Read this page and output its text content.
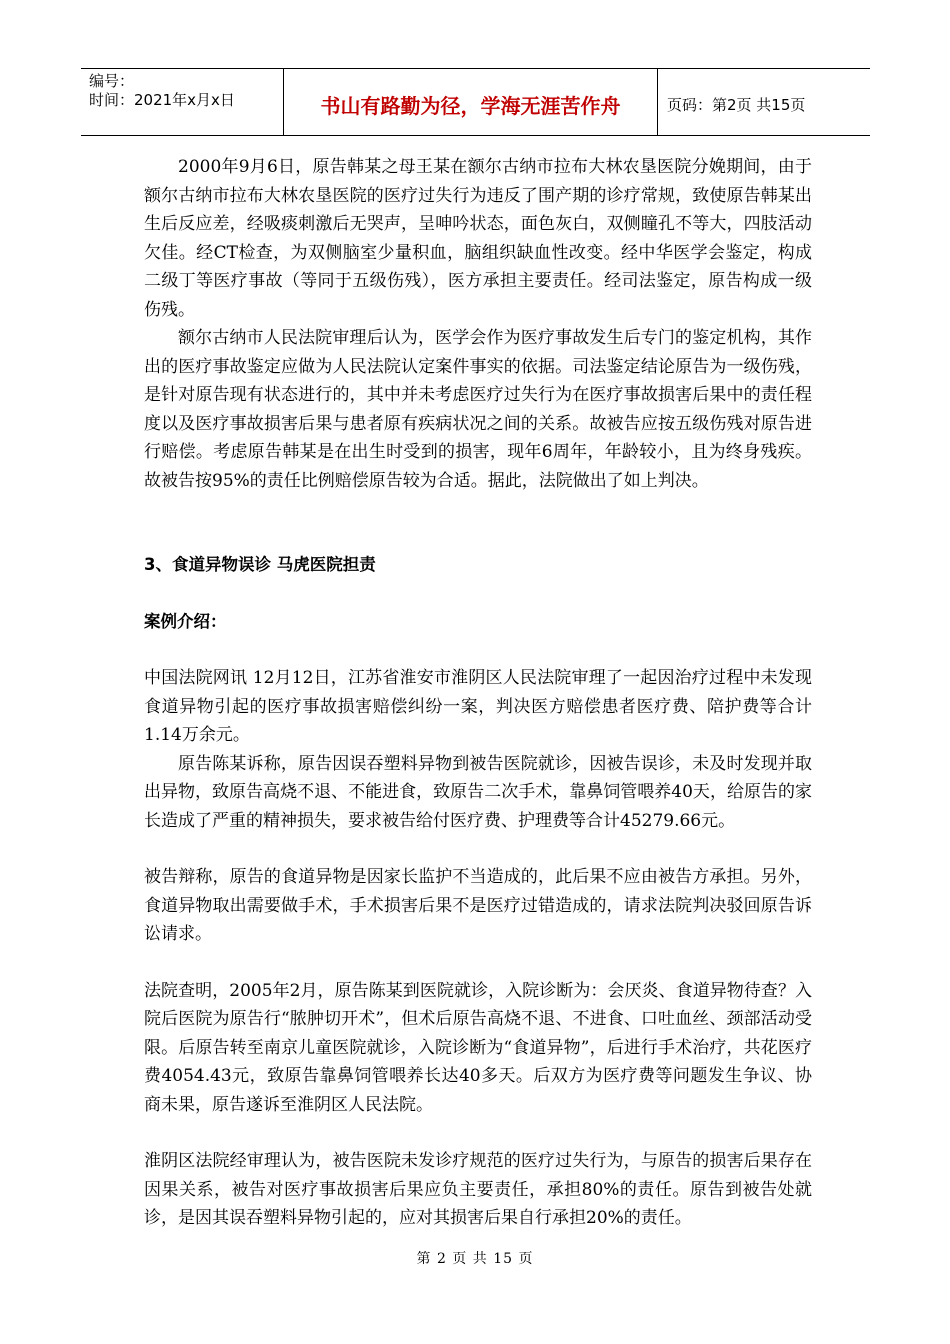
编号：
时间：2021年x月x日	书山有路勤为径，学海无涯苦作舟	页码：第2页 共15页

2000年9月6日，原告韩某之母王某在额尔古纳市拉布大林农垦医院分娩期间，由于额尔古纳市拉布大林农垦医院的医疗过失行为违反了围产期的诊疗常规，致使原告韩某出生后反应差，经吸痰刺激后无哭声，呈呻吟状态，面色灰白，双侧瞳孔不等大，四肢活动欠佳。经CT检查，为双侧脑室少量积血，脑组织缺血性改变。经中华医学会鉴定，构成二级丁等医疗事故（等同于五级伤残），医方承担主要责任。经司法鉴定，原告构成一级伤残。

额尔古纳市人民法院审理后认为，医学会作为医疗事故发生后专门的鉴定机构，其作出的医疗事故鉴定应做为人民法院认定案件事实的依据。司法鉴定结论原告为一级伤残，是针对原告现有状态进行的，其中并未考虑医疗过失行为在医疗事故损害后果中的责任程度以及医疗事故损害后果与患者原有疾病状况之间的关系。故被告应按五级伤残对原告进行赔偿。考虑原告韩某是在出生时受到的损害，现年6周年，年龄较小，且为终身残疾。故被告按95%的责任比例赔偿原告较为合适。据此，法院做出了如上判决。

3、食道异物误诊 马虎医院担责

案例介绍：

中国法院网讯 12月12日，江苏省淮安市淮阴区人民法院审理了一起因治疗过程中未发现食道异物引起的医疗事故损害赔偿纠纷一案，判决医方赔偿患者医疗费、陪护费等合计1.14万余元。

原告陈某诉称，原告因误吞塑料异物到被告医院就诊，因被告误诊，未及时发现并取出异物，致原告高烧不退、不能进食，致原告二次手术，靠鼻饲管喂养40天，给原告的家长造成了严重的精神损失，要求被告给付医疗费、护理费等合计45279.66元。

被告辩称，原告的食道异物是因家长监护不当造成的，此后果不应由被告方承担。另外，食道异物取出需要做手术，手术损害后果不是医疗过错造成的，请求法院判决驳回原告诉讼请求。

法院查明，2005年2月，原告陈某到医院就诊，入院诊断为：会厌炎、食道异物待查？入院后医院为原告行“脓肿切开术”，但术后原告高烧不退、不进食、口吐血丝、颈部活动受限。后原告转至南京儿童医院就诊，入院诊断为“食道异物”，后进行手术治疗，共花医疗费4054.43元，致原告靠鼻饲管喂养长达40多天。后双方为医疗费等问题发生争议、协商未果，原告遂诉至淮阴区人民法院。

淮阴区法院经审理认为，被告医院未发诊疗规范的医疗过失行为，与原告的损害后果存在因果关系，被告对医疗事故损害后果应负主要责任，承担80%的责任。原告到被告处就诊，是因其误吞塑料异物引起的，应对其损害后果自行承担20%的责任。

第 2 页 共 15 页
